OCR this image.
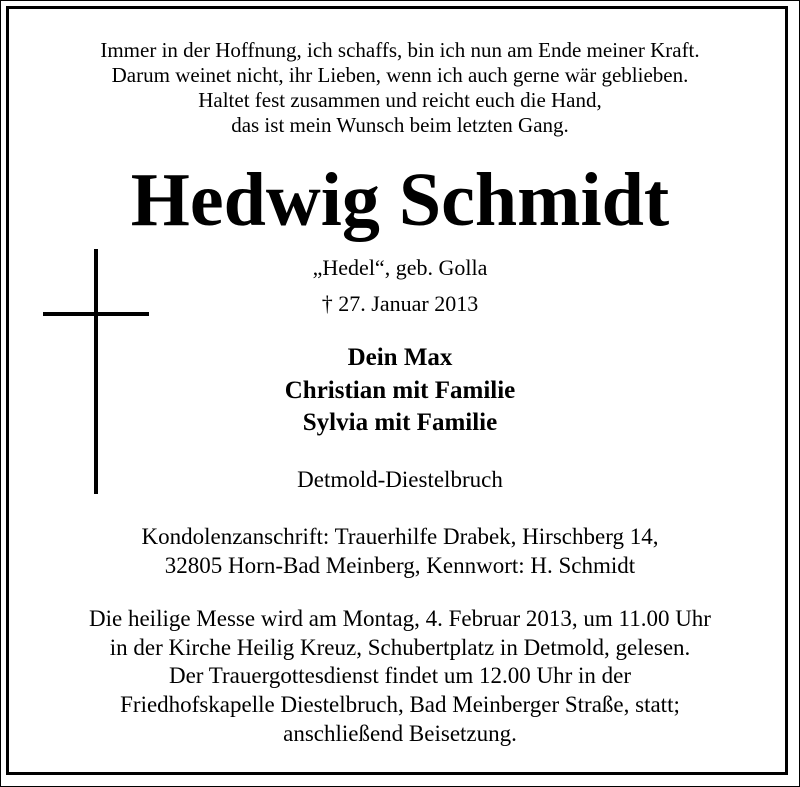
Immer in der Hoffnung, ich schaffs, bin ich nun am Ende meiner Kraft.
Darum weinet nicht, ihr Lieben, wenn ich auch gerne wär geblieben.
Haltet fest zusammen und reicht euch die Hand,
das ist mein Wunsch beim letzten Gang.
Hedwig Schmidt
„Hedel“, geb. Golla
† 27. Januar 2013
Dein Max
Christian mit Familie
Sylvia mit Familie
Detmold-Diestelbruch
Kondolenzanschrift: Trauerhilfe Drabek, Hirschberg 14,
32805 Horn-Bad Meinberg, Kennwort: H. Schmidt
Die heilige Messe wird am Montag, 4. Februar 2013, um 11.00 Uhr
in der Kirche Heilig Kreuz, Schubertplatz in Detmold, gelesen.
Der Trauergottesdienst findet um 12.00 Uhr in der
Friedhofskapelle Diestelbruch, Bad Meinberger Straße, statt;
anschließend Beisetzung.
